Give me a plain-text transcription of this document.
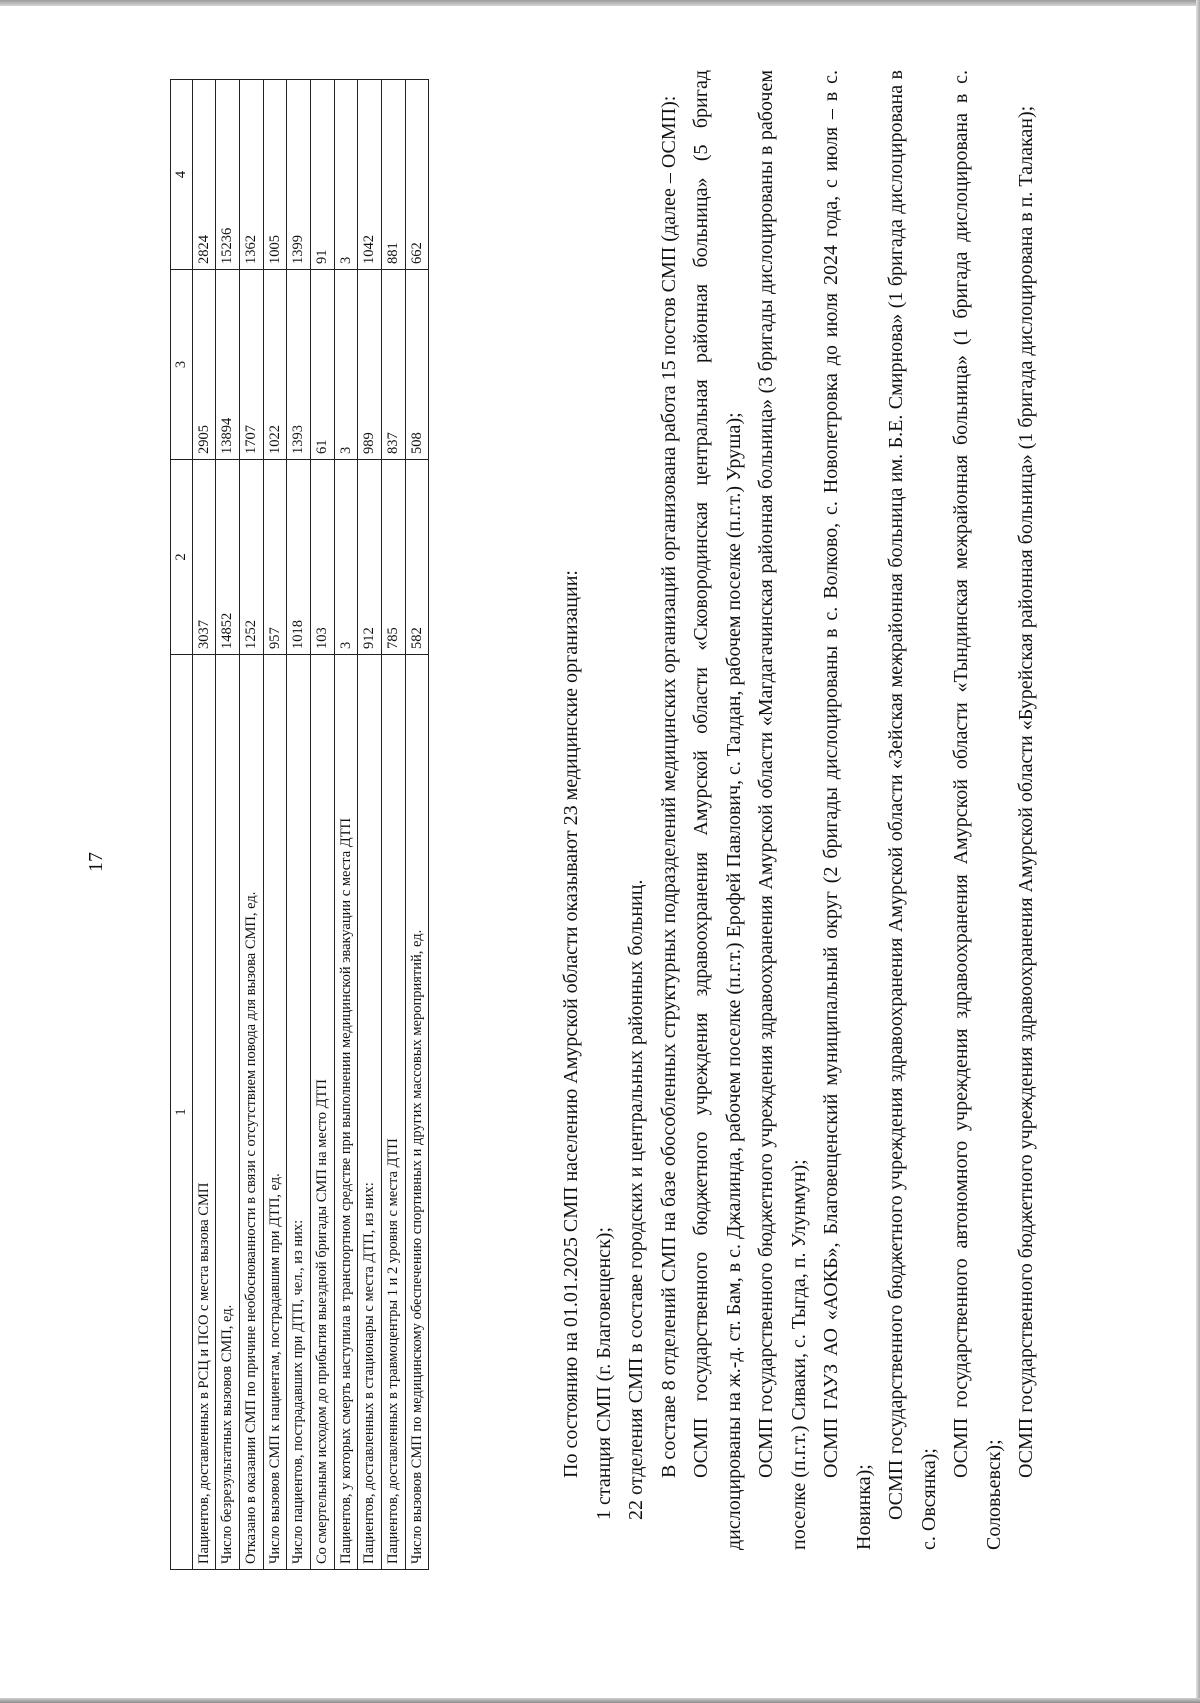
17
1	2	3	4
Пациентов, доставленных в РСЦ и ПСО с места вызова СМП	3037	2905	2824
Число безрезультатных вызовов СМП, ед.	14852	13894	15236
Отказано в оказании СМП по причине необоснованности в связи с отсутствием повода для вызова СМП, ед.	1252	1707	1362
Число вызовов СМП к пациентам, пострадавшим при ДТП, ед.	957	1022	1005
Число пациентов, пострадавших при ДТП, чел., из них:	1018	1393	1399
Со смертельным исходом до прибытия выездной бригады СМП на место ДТП	103	61	91
Пациентов, у которых смерть наступила в транспортном средстве при выполнении медицинской эвакуации с места ДТП	3	3	3
Пациентов, доставленных в стационары с места ДТП, из них:	912	989	1042
Пациентов, доставленных в травмоцентры 1 и 2 уровня с места ДТП	785	837	881
Число вызовов СМП по медицинскому обеспечению спортивных и других массовых мероприятий, ед.	582	508	662

По состоянию на 01.01.2025 СМП населению Амурской области оказывают 23 медицинские организации: 1 станция СМП (г. Благовещенск); 22 отделения СМП в составе городских и центральных районных больниц. В составе 8 отделений СМП на базе обособленных структурных подразделений медицинских организаций организована работа 15 постов СМП (далее – ОСМП): ОСМП государственного бюджетного учреждения здравоохранения Амурской области «Сковородинская центральная районная больница» (5 бригад дислоцированы на ж.-д. ст. Бам, в с. Джалинда, рабочем поселке (п.г.т.) Ерофей Павлович, с. Талдан, рабочем поселке (п.г.т.) Уруша); ОСМП государственного бюджетного учреждения здравоохранения Амурской области «Магдагачинская районная больница» (3 бригады дислоцированы в рабочем поселке (п.г.т.) Сиваки, с. Тыгда, п. Улунмун); ОСМП ГАУЗ АО «АОКБ», Благовещенский муниципальный округ (2 бригады дислоцированы в с. Волково, с. Новопетровка до июля 2024 года, с июля – в с. Новинка); ОСМП государственного бюджетного учреждения здравоохранения Амурской области «Зейская межрайонная больница им. Б.Е. Смирнова» (1 бригада дислоцирована в с. Овсянка);

ОСМП государственного автономного учреждения здравоохранения Амурской области «Тындинская межрайонная больница» (1 бригада дислоцирована в с. Соловьевск);

ОСМП государственного бюджетного учреждения здравоохранения Амурской области «Бурейская районная больница» (1 бригада дислоцирована в п. Талакан);
